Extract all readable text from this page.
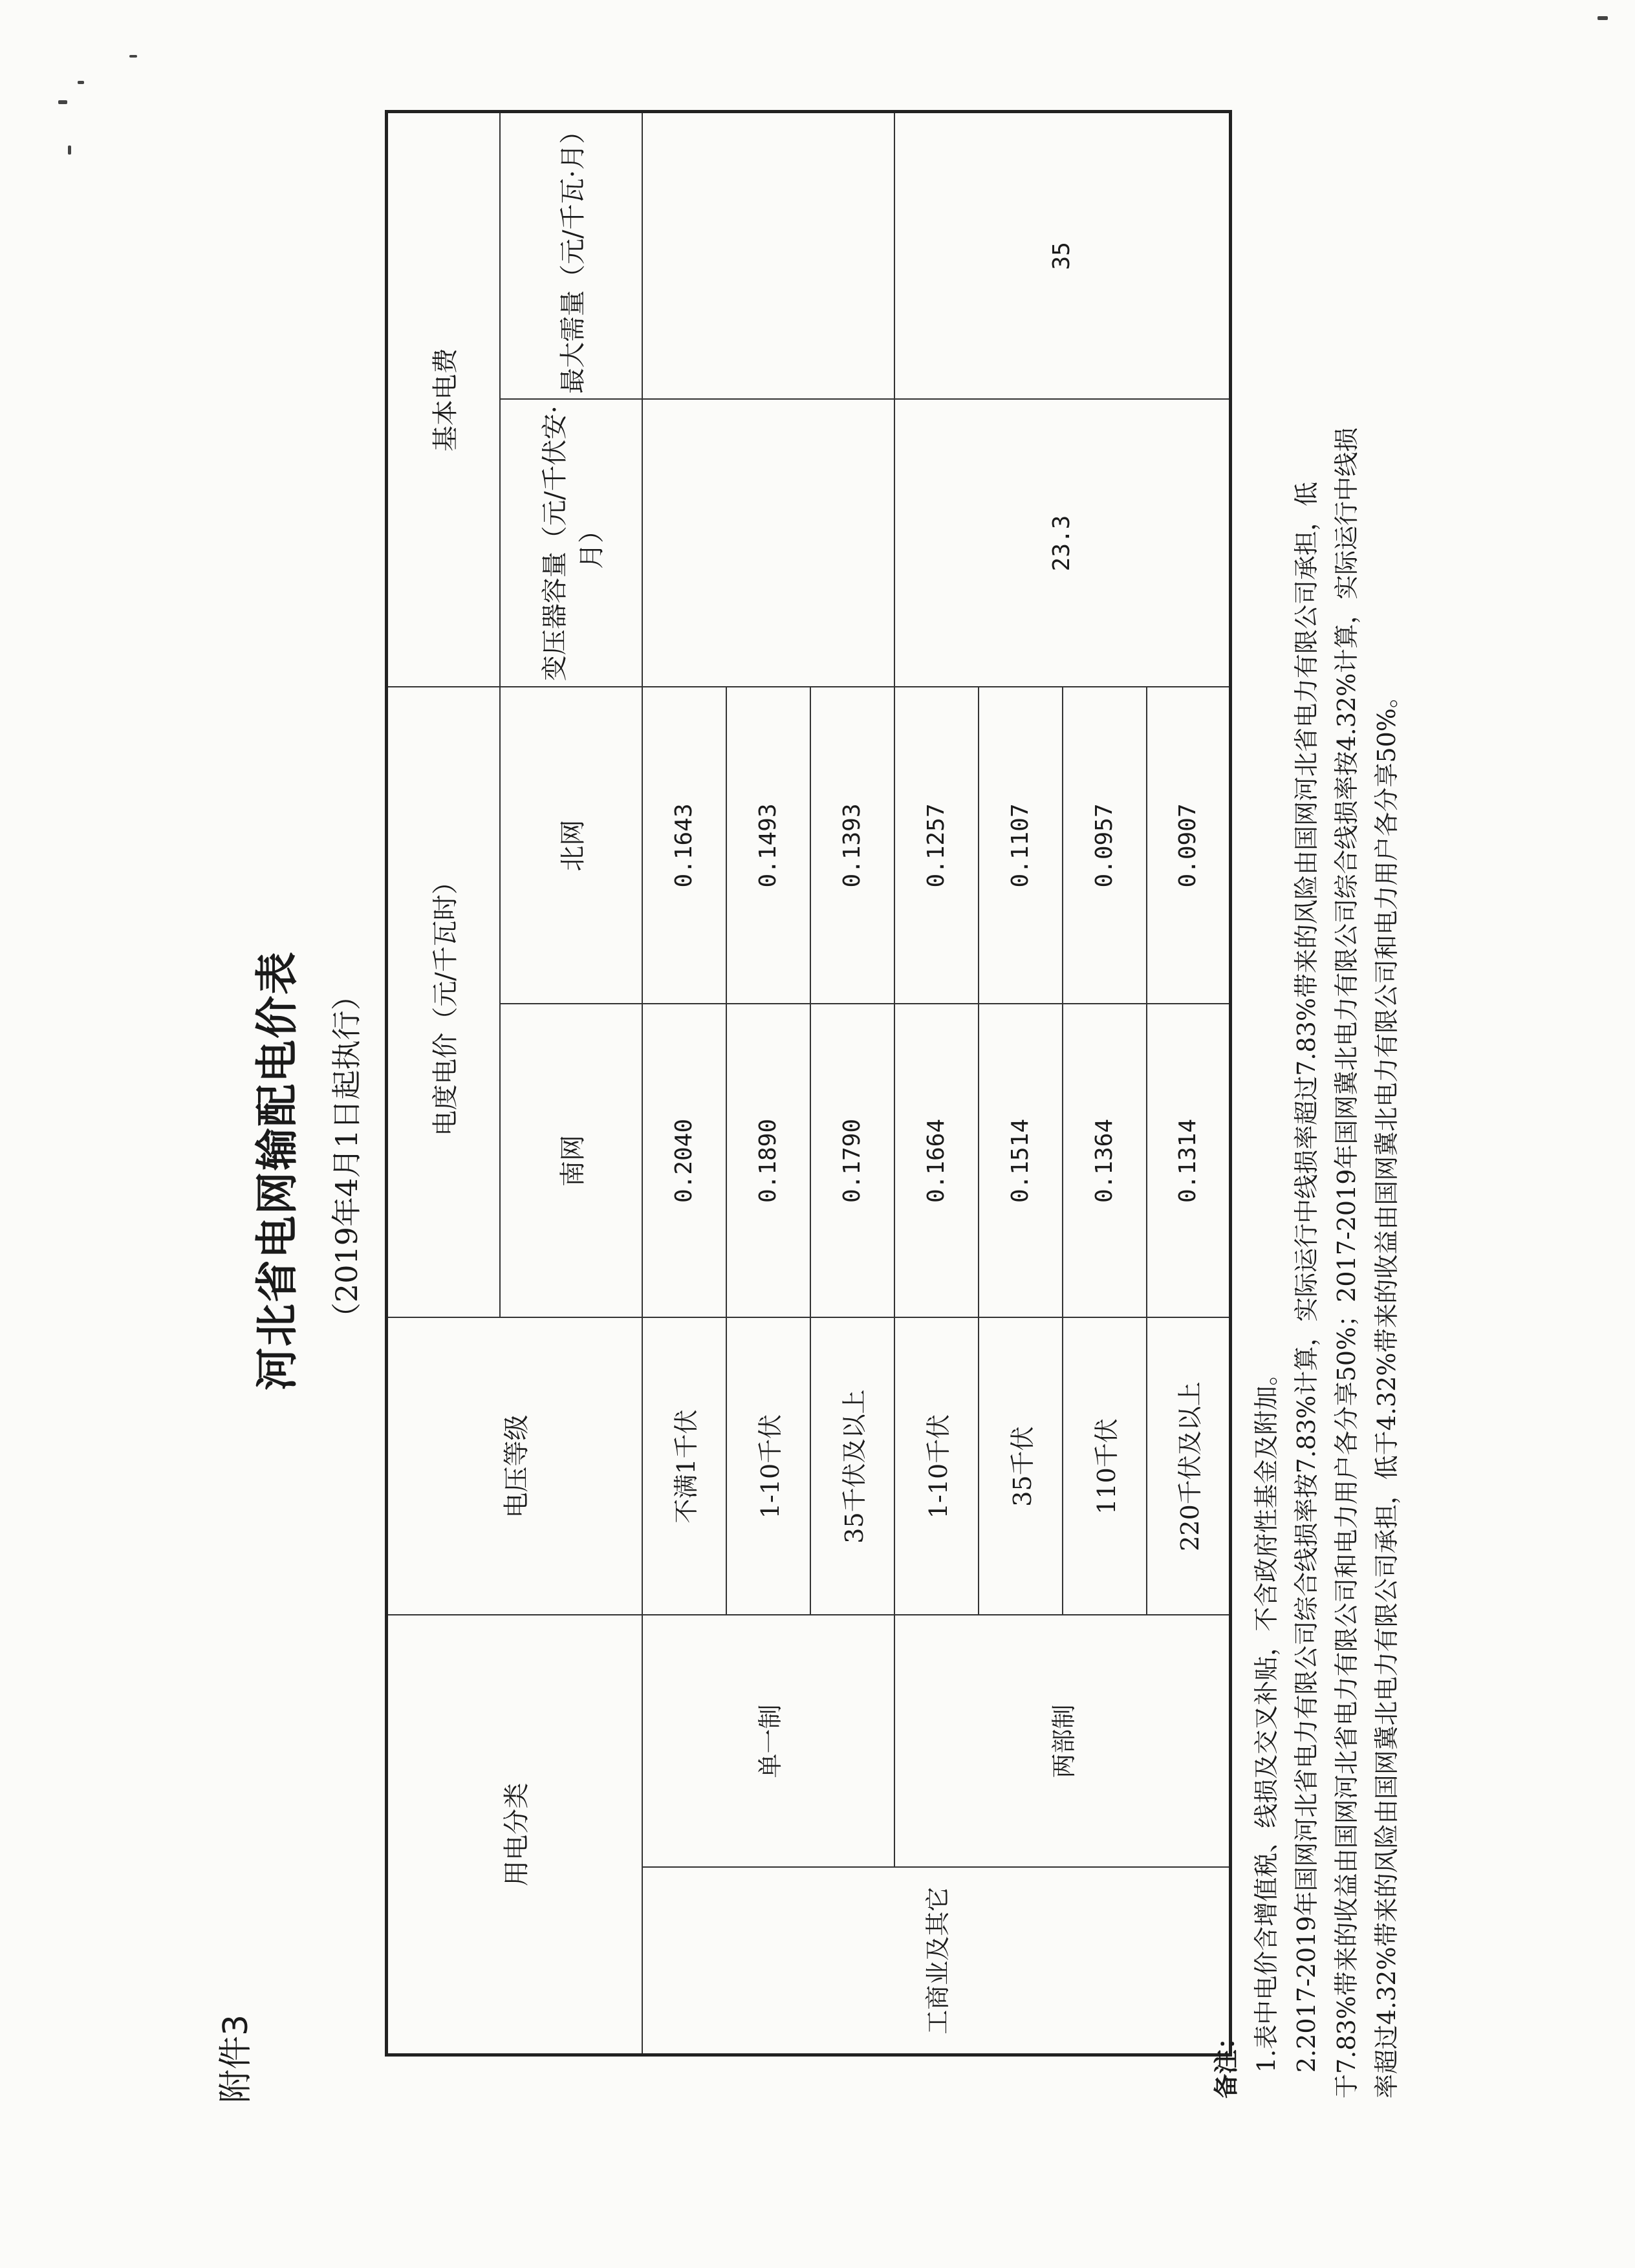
附件3
河北省电网输配电价表 （2019年4月1日起执行）
用电分类		电压等级	电度电价（元/千瓦时）		基本电费	
			南网	北网	变压器容量（元/千伏安·月）	最大需量（元/千瓦·月）
工商业及其它	单一制	不满1千伏	0.2040	0.1643		
		1-10千伏	0.1890	0.1493		
		35千伏及以上	0.1790	0.1393		
	两部制	1-10千伏	0.1664	0.1257	23.3	35
		35千伏	0.1514	0.1107		
		110千伏	0.1364	0.0957		
		220千伏及以上	0.1314	0.0907		
备注： 1.表中电价含增值税、线损及交叉补贴，不含政府性基金及附加。 2.2017-2019年国网河北省电力有限公司综合线损率按7.83%计算，实际运行中线损率超过7.83%带来的风险由国网河北省电力有限公司承担，低 于7.83%带来的收益由国网河北省电力有限公司和电力用户各分享50%；2017-2019年国网冀北电力有限公司综合线损率按4.32%计算，实际运行中线损 率超过4.32%带来的风险由国网冀北电力有限公司承担，低于4.32%带来的收益由国网冀北电力有限公司和电力用户各分享50%。
